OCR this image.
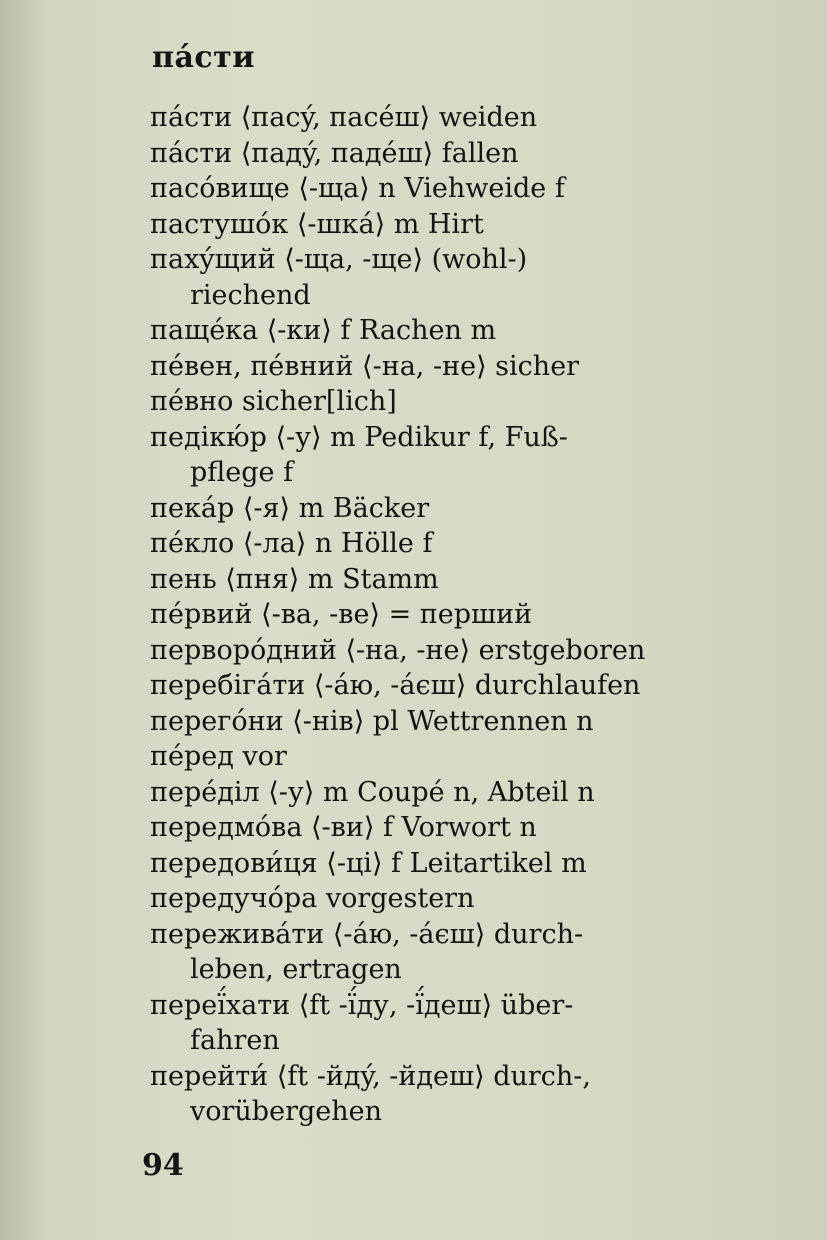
пáсти
пáсти ⟨пасý, пасéш⟩ weiden
пáсти ⟨падý, падéш⟩ fallen
пасóвище ⟨-ща⟩ n Viehweide f
пастушóк ⟨-шкá⟩ m Hirt
пахýщий ⟨-ща, -ще⟩ (wohl-)
riechend
пащéка ⟨-ки⟩ f Rachen m
пéвен, пéвний ⟨-на, -не⟩ sicher
пéвно sicher[lich]
педікю́р ⟨-у⟩ m Pedikur f, Fuß-
pflege f
пекáр ⟨-я⟩ m Bäcker
пéкло ⟨-ла⟩ n Hölle f
пень ⟨пня⟩ m Stamm
пéрвий ⟨-ва, -ве⟩ = перший
перворóдний ⟨-на, -не⟩ erstgeboren
перебігáти ⟨-áю, -áєш⟩ durchlaufen
перегóни ⟨-нів⟩ pl Wettrennen n
пéред vor
перéділ ⟨-у⟩ m Coupé n, Abteil n
передмóва ⟨-ви⟩ f Vorwort n
передови́ця ⟨-ці⟩ f Leitartikel m
передучóра vorgestern
переживáти ⟨-áю, -áєш⟩ durch-
leben, ertragen
переї́хати ⟨ft -ї́ду, -ї́деш⟩ über-
fahren
перейти́ ⟨ft -йдý, -йдеш⟩ durch-,
vorübergehen
94
